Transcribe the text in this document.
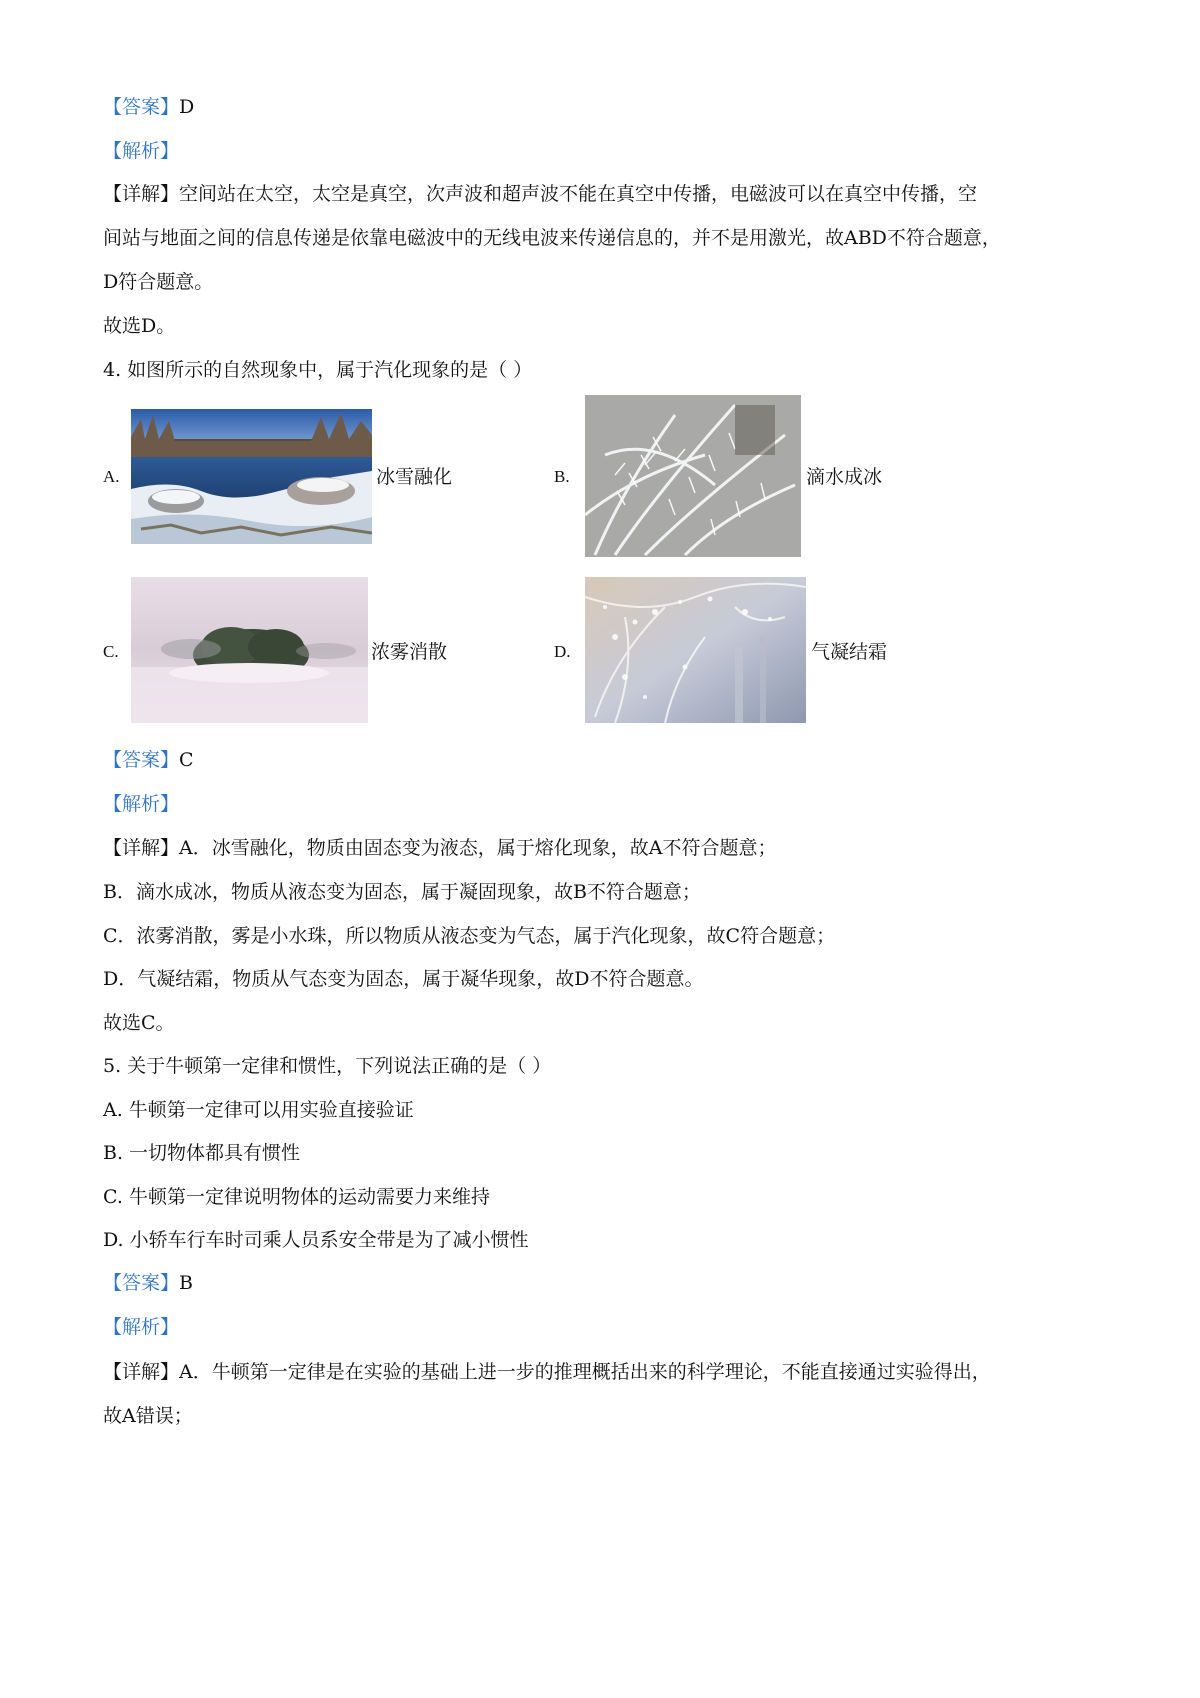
【答案】D
【解析】
【详解】空间站在太空，太空是真空，次声波和超声波不能在真空中传播，电磁波可以在真空中传播，空
间站与地面之间的信息传递是依靠电磁波中的无线电波来传递信息的，并不是用激光，故ABD不符合题意，
D符合题意。
故选D。
4. 如图所示的自然现象中，属于汽化现象的是（ ）
A.	冰雪融化	B.	滴水成冰
C.	浓雾消散	D.	气凝结霜
【答案】C
【解析】
【详解】A．冰雪融化，物质由固态变为液态，属于熔化现象，故A不符合题意；
B．滴水成冰，物质从液态变为固态，属于凝固现象，故B不符合题意；
C．浓雾消散，雾是小水珠，所以物质从液态变为气态，属于汽化现象，故C符合题意；
D．气凝结霜，物质从气态变为固态，属于凝华现象，故D不符合题意。
故选C。
5. 关于牛顿第一定律和惯性，下列说法正确的是（ ）
A. 牛顿第一定律可以用实验直接验证
B. 一切物体都具有惯性
C. 牛顿第一定律说明物体的运动需要力来维持
D. 小轿车行车时司乘人员系安全带是为了减小惯性
【答案】B
【解析】
【详解】A．牛顿第一定律是在实验的基础上进一步的推理概括出来的科学理论，不能直接通过实验得出，
故A错误；
